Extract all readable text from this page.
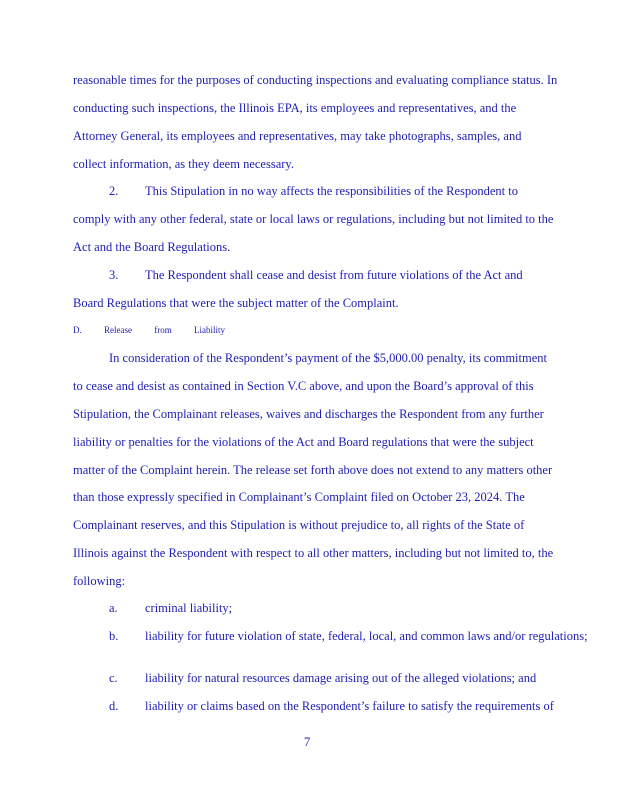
reasonable times for the purposes of conducting inspections and evaluating compliance status. In
conducting such inspections, the Illinois EPA, its employees and representatives, and the
Attorney General, its employees and representatives, may take photographs, samples, and
collect information, as they deem necessary.
2. This Stipulation in no way affects the responsibilities of the Respondent to
comply with any other federal, state or local laws or regulations, including but not limited to the
Act and the Board Regulations.
3. The Respondent shall cease and desist from future violations of the Act and
Board Regulations that were the subject matter of the Complaint.
D. Release from Liability
In consideration of the Respondent’s payment of the $5,000.00 penalty, its commitment
to cease and desist as contained in Section V.C above, and upon the Board’s approval of this
Stipulation, the Complainant releases, waives and discharges the Respondent from any further
liability or penalties for the violations of the Act and Board regulations that were the subject
matter of the Complaint herein. The release set forth above does not extend to any matters other
than those expressly specified in Complainant’s Complaint filed on October 23, 2024. The
Complainant reserves, and this Stipulation is without prejudice to, all rights of the State of
Illinois against the Respondent with respect to all other matters, including but not limited to, the
following:
a. criminal liability;
b. liability for future violation of state, federal, local, and common laws and/or regulations;
c. liability for natural resources damage arising out of the alleged violations; and
d. liability or claims based on the Respondent’s failure to satisfy the requirements of
7
